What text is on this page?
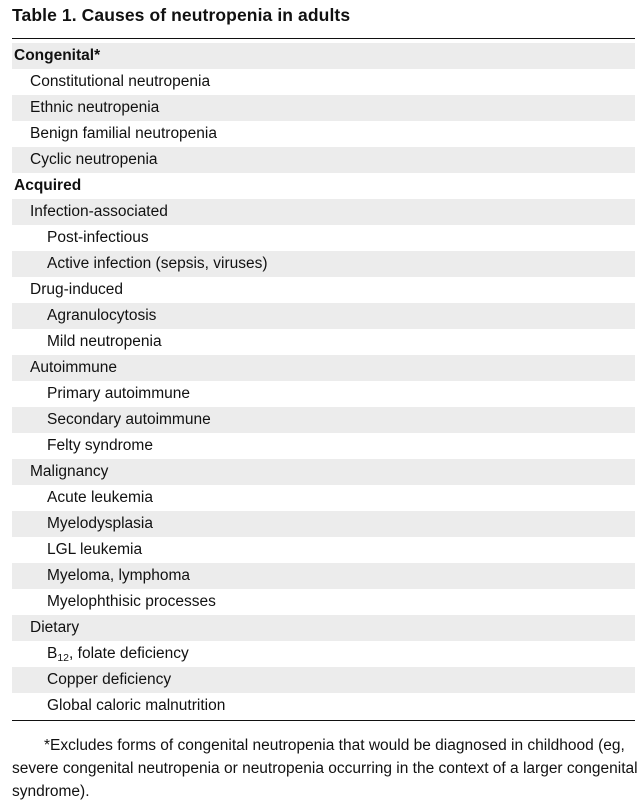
Table 1. Causes of neutropenia in adults
Congenital*
Constitutional neutropenia
Ethnic neutropenia
Benign familial neutropenia
Cyclic neutropenia
Acquired
Infection-associated
Post-infectious
Active infection (sepsis, viruses)
Drug-induced
Agranulocytosis
Mild neutropenia
Autoimmune
Primary autoimmune
Secondary autoimmune
Felty syndrome
Malignancy
Acute leukemia
Myelodysplasia
LGL leukemia
Myeloma, lymphoma
Myelophthisic processes
Dietary
$B_{12}$, folate deficiency
Copper deficiency
Global caloric malnutrition
*Excludes forms of congenital neutropenia that would be diagnosed in childhood (eg, severe congenital neutropenia or neutropenia occurring in the context of a larger congenital syndrome).
